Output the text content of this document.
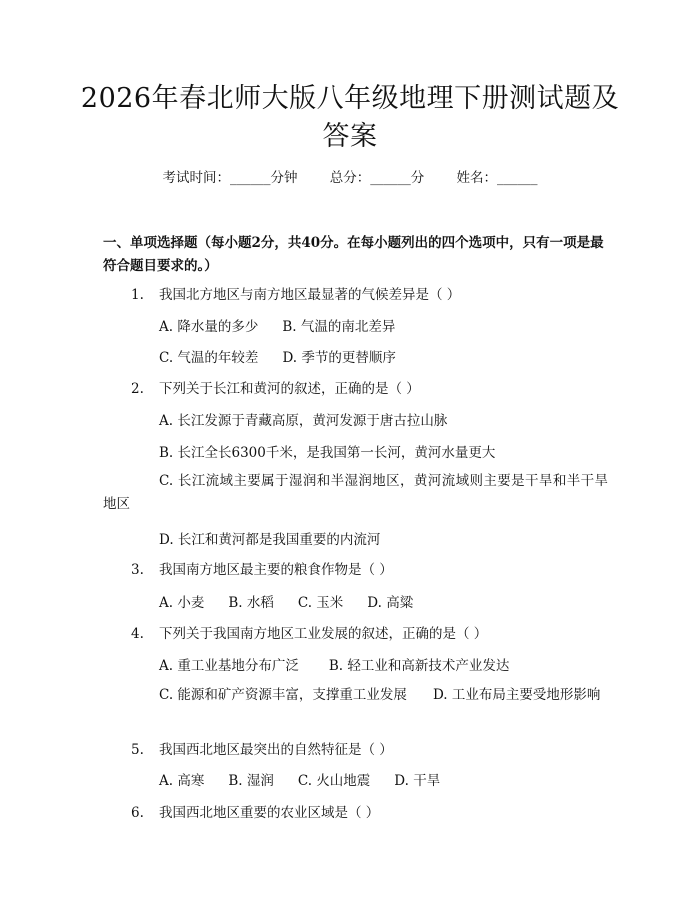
2026年春北师大版八年级地理下册测试题及答案
考试时间：______分钟 总分：______分 姓名：______
一、单项选择题（每小题2分，共40分。在每小题列出的四个选项中，只有一项是最符合题目要求的。）
1. 我国北方地区与南方地区最显著的气候差异是（ ）
A. 降水量的多少 B. 气温的南北差异
C. 气温的年较差 D. 季节的更替顺序
2. 下列关于长江和黄河的叙述，正确的是（ ）
A. 长江发源于青藏高原，黄河发源于唐古拉山脉
B. 长江全长6300千米，是我国第一长河，黄河水量更大
C. 长江流域主要属于湿润和半湿润地区，黄河流域则主要是干旱和半干旱地区
D. 长江和黄河都是我国重要的内流河
3. 我国南方地区最主要的粮食作物是（ ）
A. 小麦 B. 水稻 C. 玉米 D. 高粱
4. 下列关于我国南方地区工业发展的叙述，正确的是（ ）
A. 重工业基地分布广泛 B. 轻工业和高新技术产业发达
C. 能源和矿产资源丰富，支撑重工业发展 D. 工业布局主要受地形影响
5. 我国西北地区最突出的自然特征是（ ）
A. 高寒 B. 湿润 C. 火山地震 D. 干旱
6. 我国西北地区重要的农业区域是（ ）
